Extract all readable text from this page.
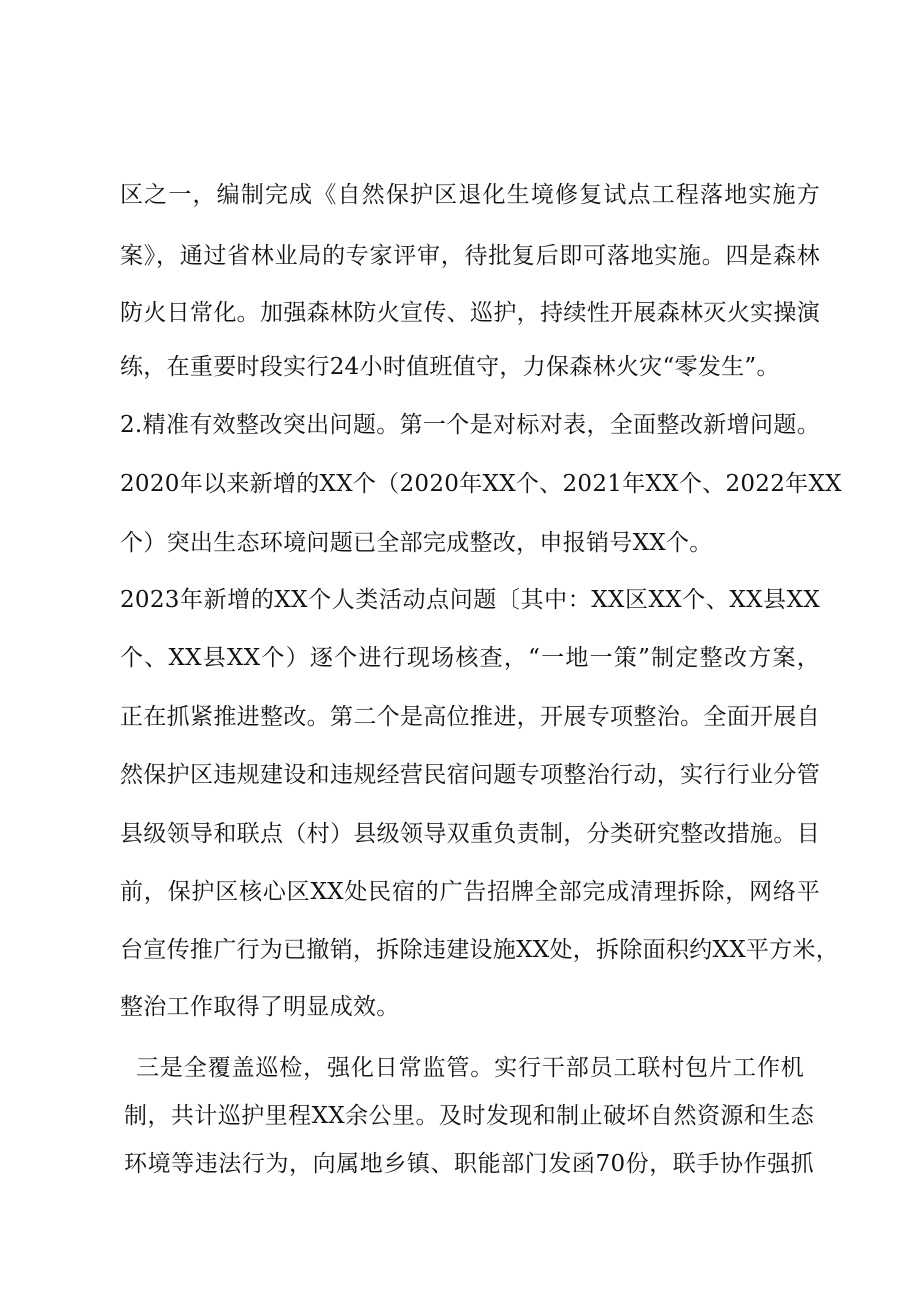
区之一，编制完成《自然保护区退化生境修复试点工程落地实施方
案》，通过省林业局的专家评审，待批复后即可落地实施。四是森林
防火日常化。加强森林防火宣传、巡护，持续性开展森林灭火实操演
练，在重要时段实行24小时值班值守，力保森林火灾“零发生”。
2.精准有效整改突出问题。第一个是对标对表，全面整改新增问题。
2020年以来新增的XX个（2020年XX个、2021年XX个、2022年XX
个）突出生态环境问题已全部完成整改，申报销号XX个。
2023年新增的XX个人类活动点问题〔其中：XX区XX个、XX县XX
个、XX县XX个）逐个进行现场核查，“一地一策”制定整改方案，
正在抓紧推进整改。第二个是高位推进，开展专项整治。全面开展自
然保护区违规建设和违规经营民宿问题专项整治行动，实行行业分管
县级领导和联点（村）县级领导双重负责制，分类研究整改措施。目
前，保护区核心区XX处民宿的广告招牌全部完成清理拆除，网络平
台宣传推广行为已撤销，拆除违建设施XX处，拆除面积约XX平方米，
整治工作取得了明显成效。
三是全覆盖巡检，强化日常监管。实行干部员工联村包片工作机
制，共计巡护里程XX余公里。及时发现和制止破坏自然资源和生态
环境等违法行为，向属地乡镇、职能部门发函70份，联手协作强抓
